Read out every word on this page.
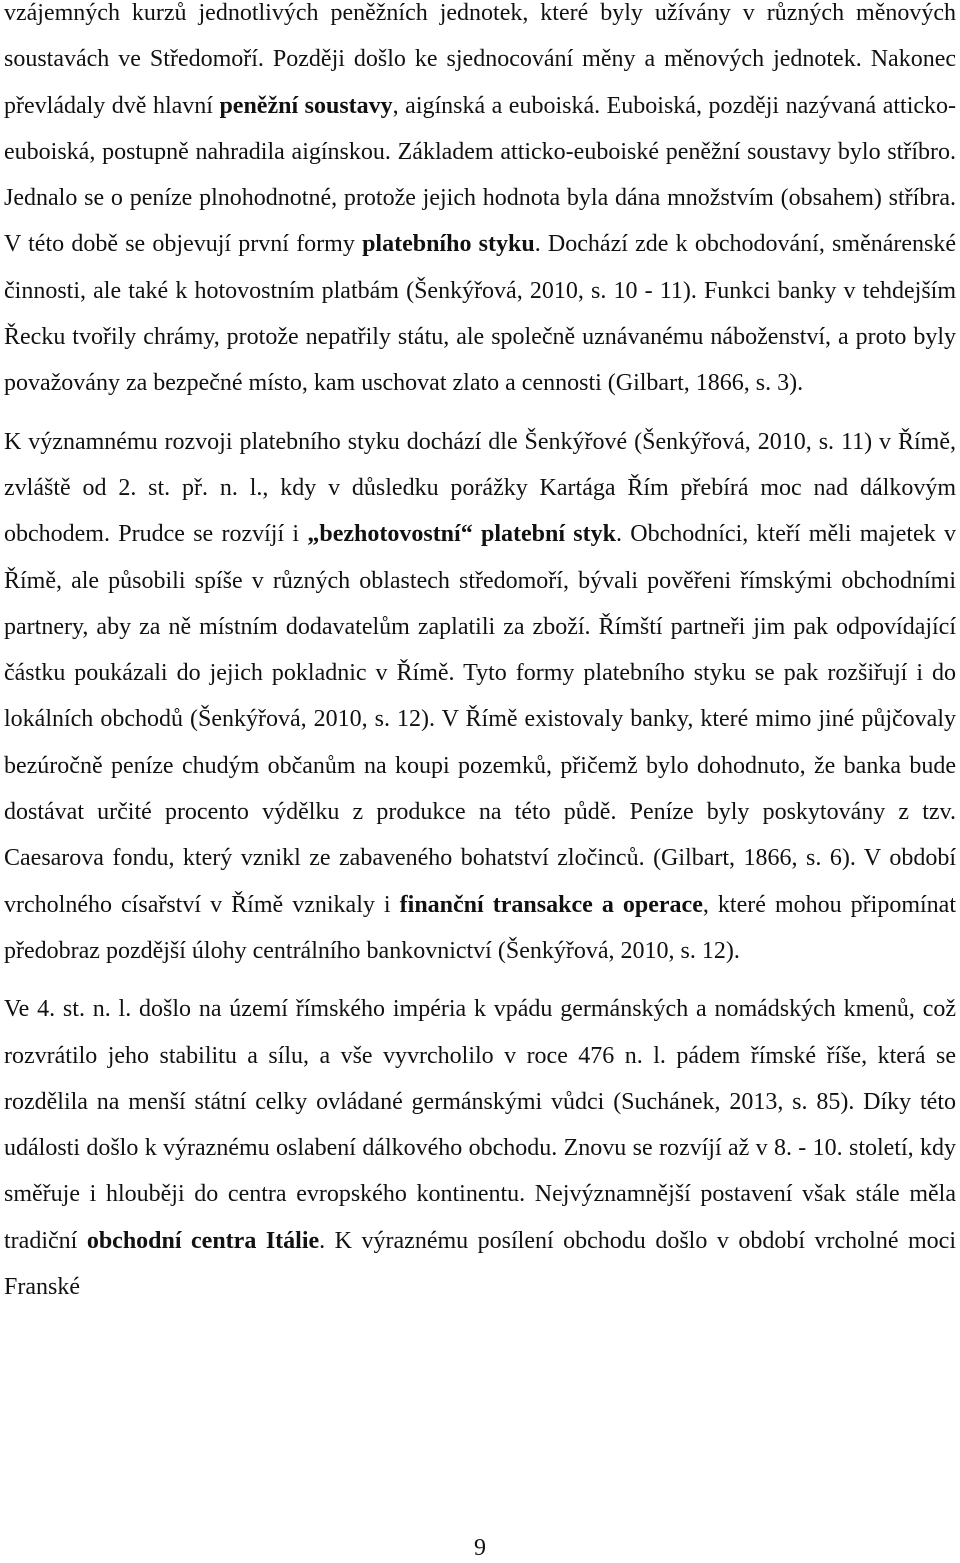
vzájemných kurzů jednotlivých peněžních jednotek, které byly užívány v různých měnových soustavách ve Středomoří. Později došlo ke sjednocování měny a měnových jednotek. Nakonec převládaly dvě hlavní peněžní soustavy, aigínská a euboiská. Euboiská, později nazývaná atticko-euboiská, postupně nahradila aigínskou. Základem atticko-euboiské peněžní soustavy bylo stříbro. Jednalo se o peníze plnohodnotné, protože jejich hodnota byla dána množstvím (obsahem) stříbra. V této době se objevují první formy platebního styku. Dochází zde k obchodování, směnárenské činnosti, ale také k hotovostním platbám (Šenkýřová, 2010, s. 10 - 11). Funkci banky v tehdejším Řecku tvořily chrámy, protože nepatřily státu, ale společně uznávanému náboženství, a proto byly považovány za bezpečné místo, kam uschovat zlato a cennosti (Gilbart, 1866, s. 3).

K významnému rozvoji platebního styku dochází dle Šenkýřové (Šenkýřová, 2010, s. 11) v Římě, zvláště od 2. st. př. n. l., kdy v důsledku porážky Kartága Řím přebírá moc nad dálkovým obchodem. Prudce se rozvíjí i „bezhotovostní“ platební styk. Obchodníci, kteří měli majetek v Římě, ale působili spíše v různých oblastech středomoří, bývali pověřeni římskými obchodními partnery, aby za ně místním dodavatelům zaplatili za zboží. Římští partneři jim pak odpovídající částku poukázali do jejich pokladnic v Římě. Tyto formy platebního styku se pak rozšiřují i do lokálních obchodů (Šenkýřová, 2010, s. 12). V Římě existovaly banky, které mimo jiné půjčovaly bezúročně peníze chudým občanům na koupi pozemků, přičemž bylo dohodnuto, že banka bude dostávat určité procento výdělku z produkce na této půdě. Peníze byly poskytovány z tzv. Caesarova fondu, který vznikl ze zabaveného bohatství zločinců. (Gilbart, 1866, s. 6). V období vrcholného císařství v Římě vznikaly i finanční transakce a operace, které mohou připomínat předobraz pozdější úlohy centrálního bankovnictví (Šenkýřová, 2010, s. 12).

Ve 4. st. n. l. došlo na území římského impéria k vpádu germánských a nomádských kmenů, což rozvrátilo jeho stabilitu a sílu, a vše vyvrcholilo v roce 476 n. l. pádem římské říše, která se rozdělila na menší státní celky ovládané germánskými vůdci (Suchánek, 2013, s. 85). Díky této události došlo k výraznému oslabení dálkového obchodu. Znovu se rozvíjí až v 8. - 10. století, kdy směřuje i hlouběji do centra evropského kontinentu. Nejvýznamnější postavení však stále měla tradiční obchodní centra Itálie. K výraznému posílení obchodu došlo v období vrcholné moci Franské

9
